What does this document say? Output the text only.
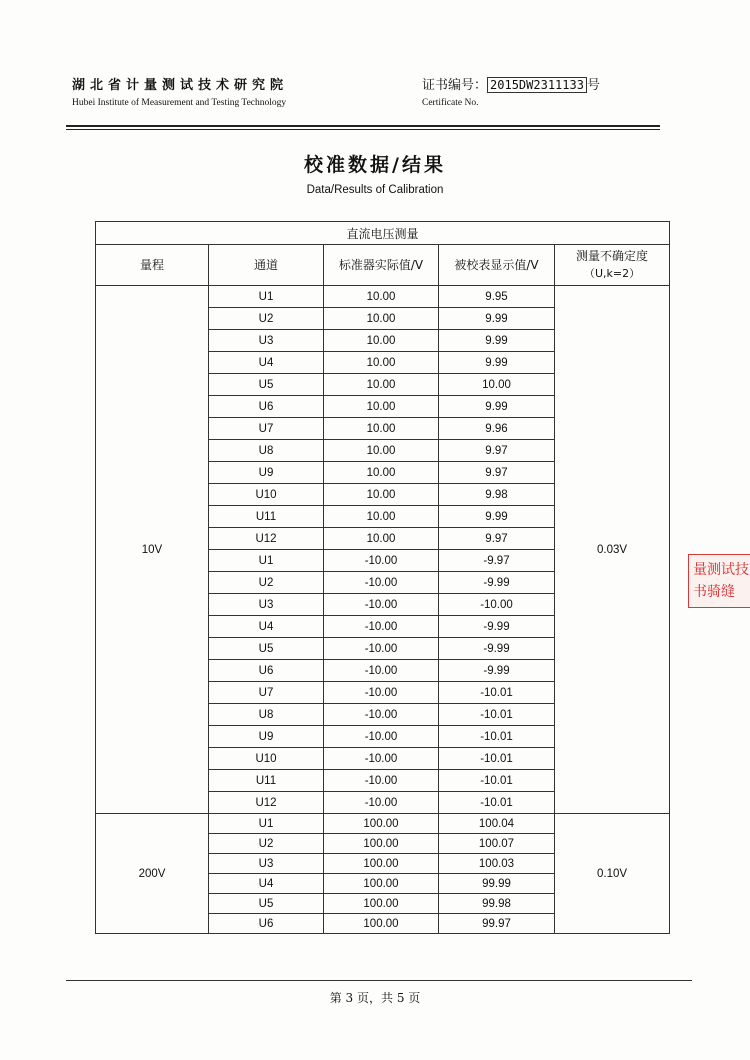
湖北省计量测试技术研究院
Hubei Institute of Measurement and Testing Technology
证书编号： 2015DW2311133 号
Certificate No.
校准数据/结果
Data/Results of Calibration
直流电压测量				
量程	通道	标准器实际值/V	被校表显示值/V	测量不确定度
（U,k=2）

10V	U1	10.00	9.95	0.03V
	U2	10.00	9.99	
	U3	10.00	9.99	
	U4	10.00	9.99	
	U5	10.00	10.00	
	U6	10.00	9.99	
	U7	10.00	9.96	
	U8	10.00	9.97	
	U9	10.00	9.97	
	U10	10.00	9.98	
	U11	10.00	9.99	
	U12	10.00	9.97	
	U1	-10.00	-9.97	
	U2	-10.00	-9.99	
	U3	-10.00	-10.00	
	U4	-10.00	-9.99	
	U5	-10.00	-9.99	
	U6	-10.00	-9.99	
	U7	-10.00	-10.01	
	U8	-10.00	-10.01	
	U9	-10.00	-10.01	
	U10	-10.00	-10.01	
	U11	-10.00	-10.01	
	U12	-10.00	-10.01	
200V	U1	100.00	100.04	0.10V
	U2	100.00	100.07	
	U3	100.00	100.03	
	U4	100.00	99.99	
	U5	100.00	99.98	
	U6	100.00	99.97	
量测试技
书骑缝
第 3 页，共 5 页
